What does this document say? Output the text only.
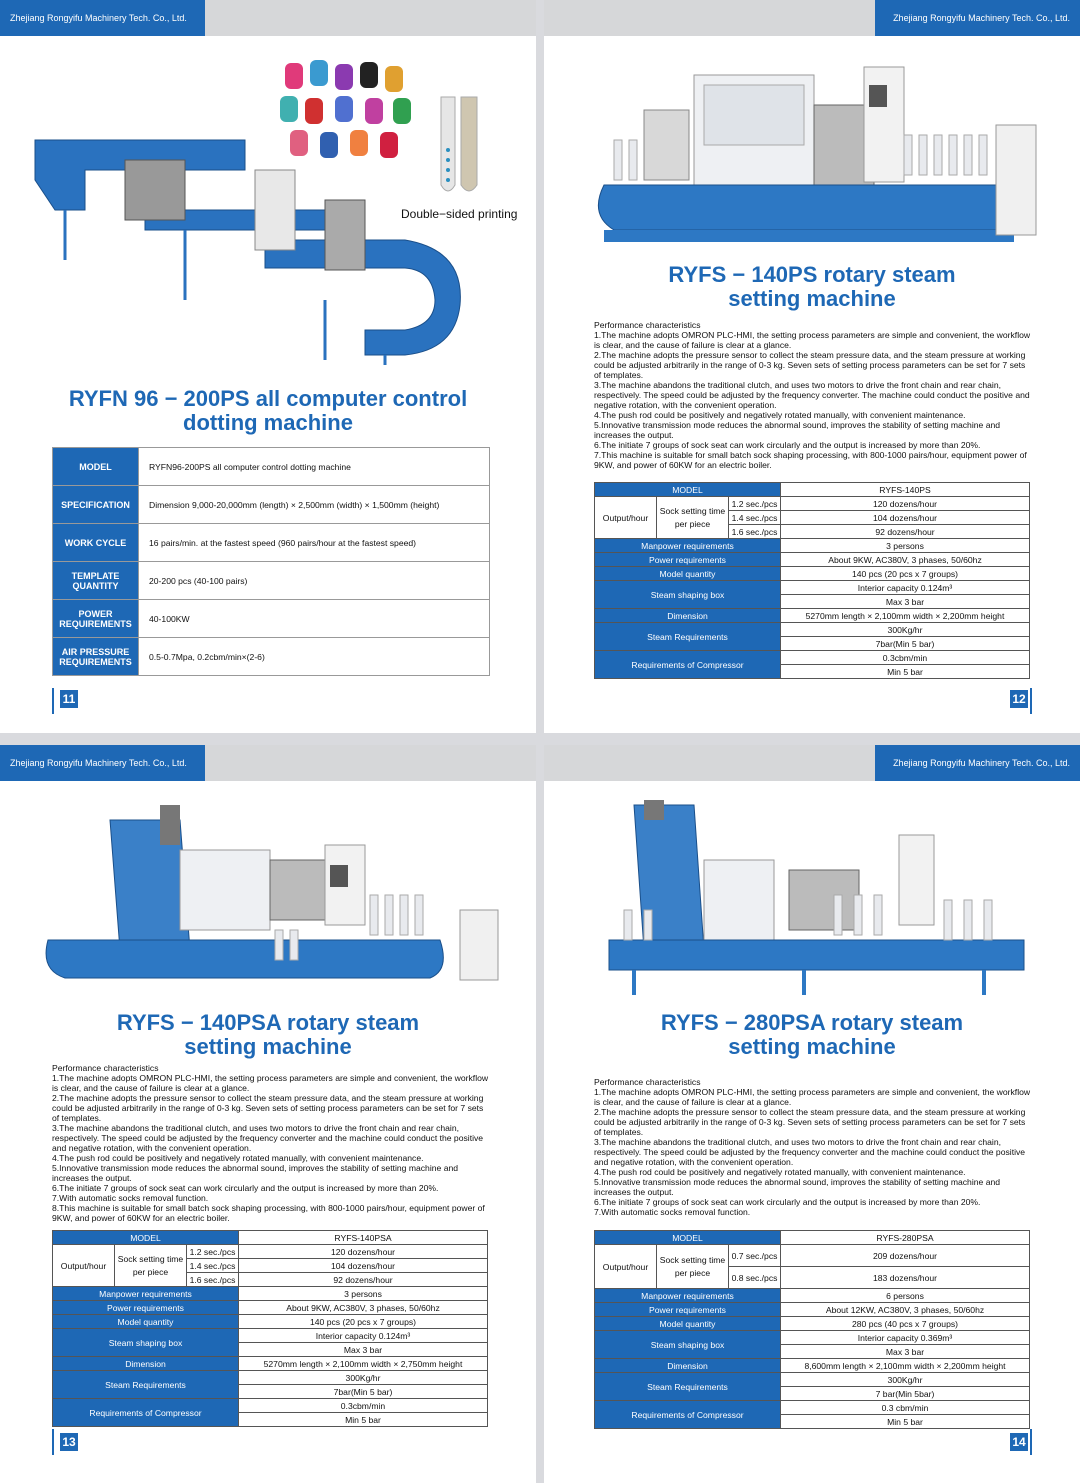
Zhejiang Rongyifu Machinery Tech. Co., Ltd.
Double−sided printing
RYFN 96 − 200PS all computer control
dotting machine
MODEL	RYFN96-200PS all computer control dotting machine
SPECIFICATION	Dimension 9,000-20,000mm (length) × 2,500mm (width) × 1,500mm (height)
WORK CYCLE	16 pairs/min. at the fastest speed (960 pairs/hour at the fastest speed)
TEMPLATE QUANTITY	20-200 pcs (40-100 pairs)
POWER REQUIREMENTS	40-100KW
AIR PRESSURE REQUIREMENTS	0.5-0.7Mpa, 0.2cbm/min×(2-6)
11
Zhejiang Rongyifu Machinery Tech. Co., Ltd.
RYFS − 140PS rotary steam
setting machine

Performance characteristics

1.The machine adopts OMRON PLC-HMI, the setting process parameters are simple and convenient, the workflow is clear, and the cause of failure is clear at a glance.

2.The machine adopts the pressure sensor to collect the steam pressure data, and the steam pressure at working could be adjusted arbitrarily in the range of 0-3 kg. Seven sets of setting process parameters can be set for 7 sets of templates.

3.The machine abandons the traditional clutch, and uses two motors to drive the front chain and rear chain, respectively. The speed could be adjusted by the frequency converter. The machine could conduct the positive and negative rotation, with the convenient operation.

4.The push rod could be positively and negatively rotated manually, with convenient maintenance.

5.Innovative transmission mode reduces the abnormal sound, improves the stability of setting machine and increases the output.

6.The initiate 7 groups of sock seat can work circularly and the output is increased by more than 20%.

7.This machine is suitable for small batch sock shaping processing, with 800-1000 pairs/hour, equipment power of 9KW, and power of 60KW for an electric boiler.

MODEL			RYFS-140PS
Output/hour	Sock setting time per piece	1.2 sec./pcs	120 dozens/hour
		1.4 sec./pcs	104 dozens/hour
		1.6 sec./pcs	92 dozens/hour
Manpower requirements			3 persons
Power requirements			About 9KW, AC380V, 3 phases, 50/60hz
Model quantity			140 pcs (20 pcs x 7 groups)
Steam shaping box			Interior capacity 0.124m³
			Max 3 bar
Dimension			5270mm length × 2,100mm width × 2,200mm height
Steam Requirements			300Kg/hr
			7bar(Min 5 bar)
Requirements of Compressor			0.3cbm/min
			Min 5 bar
12
Zhejiang Rongyifu Machinery Tech. Co., Ltd.
RYFS − 140PSA rotary steam
setting machine

Performance characteristics

1.The machine adopts OMRON PLC-HMI, the setting process parameters are simple and convenient, the workflow is clear, and the cause of failure is clear at a glance.

2.The machine adopts the pressure sensor to collect the steam pressure data, and the steam pressure at working could be adjusted arbitrarily in the range of 0-3 kg. Seven sets of setting process parameters can be set for 7 sets of templates.

3.The machine abandons the traditional clutch, and uses two motors to drive the front chain and rear chain, respectively. The speed could be adjusted by the frequency converter and the machine could conduct the positive and negative rotation, with the convenient operation.

4.The push rod could be positively and negatively rotated manually, with convenient maintenance.

5.Innovative transmission mode reduces the abnormal sound, improves the stability of setting machine and increases the output.

6.The initiate 7 groups of sock seat can work circularly and the output is increased by more than 20%.

7.With automatic socks removal function.

8.This machine is suitable for small batch sock shaping processing, with 800-1000 pairs/hour, equipment power of 9KW, and power of 60KW for an electric boiler.

MODEL			RYFS-140PSA
Output/hour	Sock setting time per piece	1.2 sec./pcs	120 dozens/hour
		1.4 sec./pcs	104 dozens/hour
		1.6 sec./pcs	92 dozens/hour
Manpower requirements			3 persons
Power requirements			About 9KW, AC380V, 3 phases, 50/60hz
Model quantity			140 pcs (20 pcs x 7 groups)
Steam shaping box			Interior capacity 0.124m³
			Max 3 bar
Dimension			5270mm length × 2,100mm width × 2,750mm height
Steam Requirements			300Kg/hr
			7bar(Min 5 bar)
Requirements of Compressor			0.3cbm/min
			Min 5 bar
13
Zhejiang Rongyifu Machinery Tech. Co., Ltd.
RYFS − 280PSA rotary steam
setting machine

Performance characteristics

1.The machine adopts OMRON PLC-HMI, the setting process parameters are simple and convenient, the workflow is clear, and the cause of failure is clear at a glance.

2.The machine adopts the pressure sensor to collect the steam pressure data, and the steam pressure at working could be adjusted arbitrarily in the range of 0-3 kg. Seven sets of setting process parameters can be set for 7 sets of templates.

3.The machine abandons the traditional clutch, and uses two motors to drive the front chain and rear chain, respectively. The speed could be adjusted by the frequency converter and the machine could conduct the positive and negative rotation, with the convenient operation.

4.The push rod could be positively and negatively rotated manually, with convenient maintenance.

5.Innovative transmission mode reduces the abnormal sound, improves the stability of setting machine and increases the output.

6.The initiate 7 groups of sock seat can work circularly and the output is increased by more than 20%.

7.With automatic socks removal function.

MODEL			RYFS-280PSA
Output/hour	Sock setting time per piece	0.7 sec./pcs	209 dozens/hour
		0.8 sec./pcs	183 dozens/hour
Manpower requirements			6 persons
Power requirements			About 12KW, AC380V, 3 phases, 50/60hz
Model quantity			280 pcs (40 pcs x 7 groups)
Steam shaping box			Interior capacity 0.369m³
			Max 3 bar
Dimension			8,600mm length × 2,100mm width × 2,200mm height
Steam Requirements			300Kg/hr
			7 bar(Min 5bar)
Requirements of Compressor			0.3 cbm/min
			Min 5 bar
14
